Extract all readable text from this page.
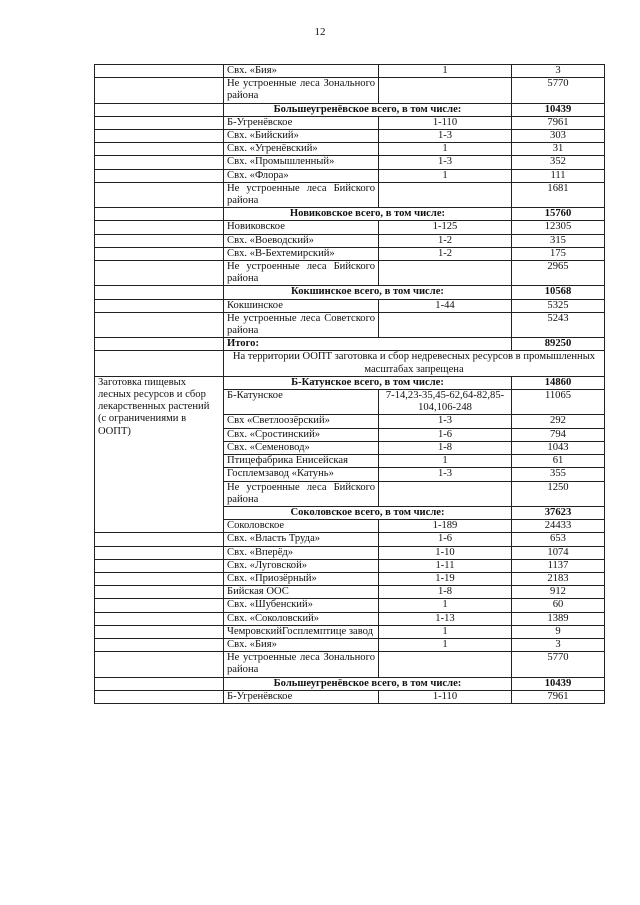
12
	Свх. «Бия»	1	3
	Не устроенные леса Зонального района		5770
	Большеугренёвское всего, в том числе:		10439
	Б-Угренёвское	1-110	7961
	Свх. «Бийский»	1-3	303
	Свх. «Угренёвский»	1	31
	Свх. «Промышленный»	1-3	352
	Свх. «Флора»	1	111
	Не устроенные леса Бийского района		1681
	Новиковское всего, в том числе:		15760
	Новиковское	1-125	12305
	Свх. «Воеводский»	1-2	315
	Свх. «В-Бехтемирский»	1-2	175
	Не устроенные леса Бийского района		2965
	Кокшинское всего, в том числе:		10568
	Кокшинское	1-44	5325
	Не устроенные леса Советского района		5243
	Итого:		89250
	На территории ООПТ заготовка и сбор недревесных ресурсов в промышленных масштабах запрещена		
Заготовка пищевых лесных ресурсов и сбор лекарственных растений (с ограничениями в ООПТ)	Б-Катунское всего, в том числе:		14860
	Б-Катунское	7-14,23-35,45-62,64-82,85-104,106-248	11065
	Свх «Светлоозёрский»	1-3	292
	Свх. «Сростинский»	1-6	794
	Свх. «Семеновод»	1-8	1043
	Птицефабрика Енисейская	1	61
	Госплемзавод «Катунь»	1-3	355
	Не устроенные леса Бийского района		1250
	Соколовское всего, в том числе:		37623
	Соколовское	1-189	24433
	Свх. «Власть Труда»	1-6	653
	Свх. «Вперёд»	1-10	1074
	Свх. «Луговской»	1-11	1137
	Свх. «Приозёрный»	1-19	2183
	Бийская ООС	1-8	912
	Свх. «Шубенский»	1	60
	Свх. «Соколовский»	1-13	1389
	ЧемровскийГосплемптице завод	1	9
	Свх. «Бия»	1	3
	Не устроенные леса Зонального района		5770
	Большеугренёвское всего, в том числе:		10439
	Б-Угренёвское	1-110	7961
